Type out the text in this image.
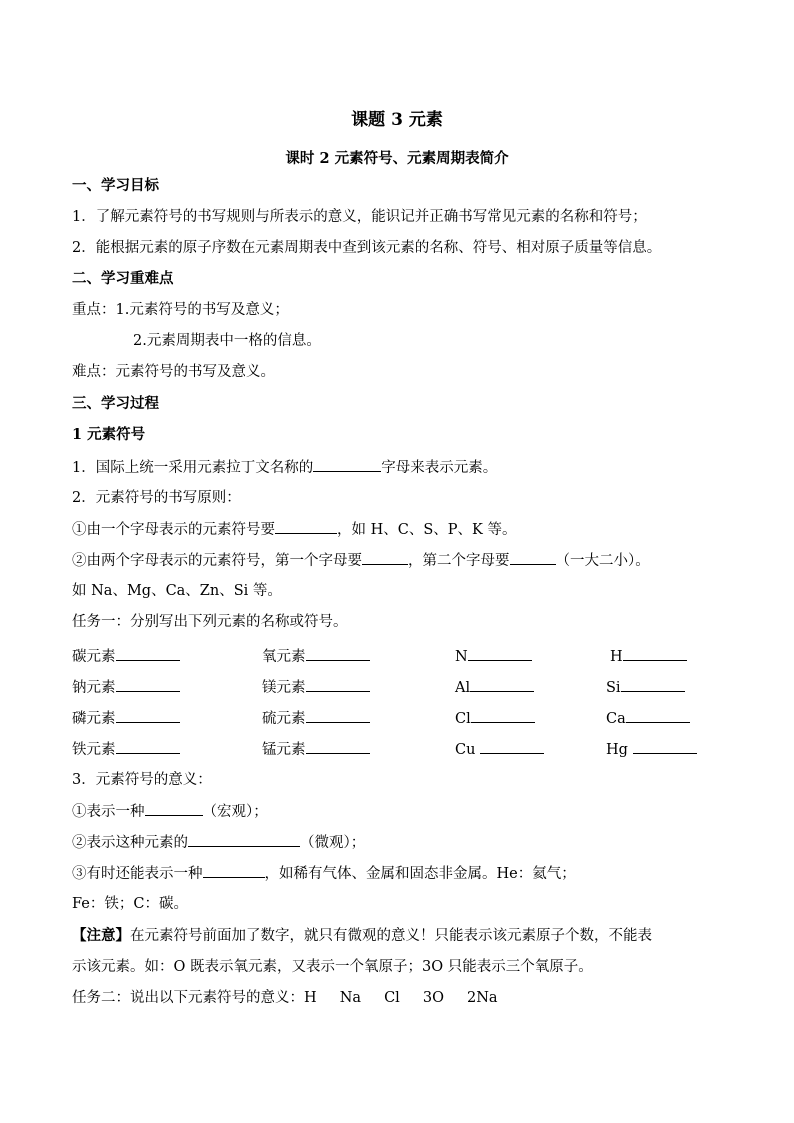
课题 3 元素
课时 2 元素符号、元素周期表简介
一、学习目标
1．了解元素符号的书写规则与所表示的意义，能识记并正确书写常见元素的名称和符号；
2．能根据元素的原子序数在元素周期表中查到该元素的名称、符号、相对原子质量等信息。
二、学习重难点
重点：1.元素符号的书写及意义；
2.元素周期表中一格的信息。
难点：元素符号的书写及意义。
三、学习过程
1 元素符号
1．国际上统一采用元素拉丁文名称的	字母来表示元素。
2．元素符号的书写原则：
①由一个字母表示的元素符号要	，如 H、C、S、P、K 等。
②由两个字母表示的元素符号，第一个字母要	，第二个字母要	（一大二小）。
如 Na、Mg、Ca、Zn、Si 等。
任务一：分别写出下列元素的名称或符号。
碳元素	氧元素	N	H
钠元素	镁元素	Al	Si
磷元素	硫元素	Cl	Ca
铁元素	锰元素	Cu	Hg
3．元素符号的意义：
①表示一种	（宏观）；
②表示这种元素的	（微观）；
③有时还能表示一种	，如稀有气体、金属和固态非金属。He：氦气；
Fe：铁；C：碳。
【注意】在元素符号前面加了数字，就只有微观的意义！只能表示该元素原子个数，不能表
示该元素。如：O 既表示氧元素，又表示一个氧原子；3O 只能表示三个氧原子。
任务二：说出以下元素符号的意义：H     Na     Cl     3O     2Na
